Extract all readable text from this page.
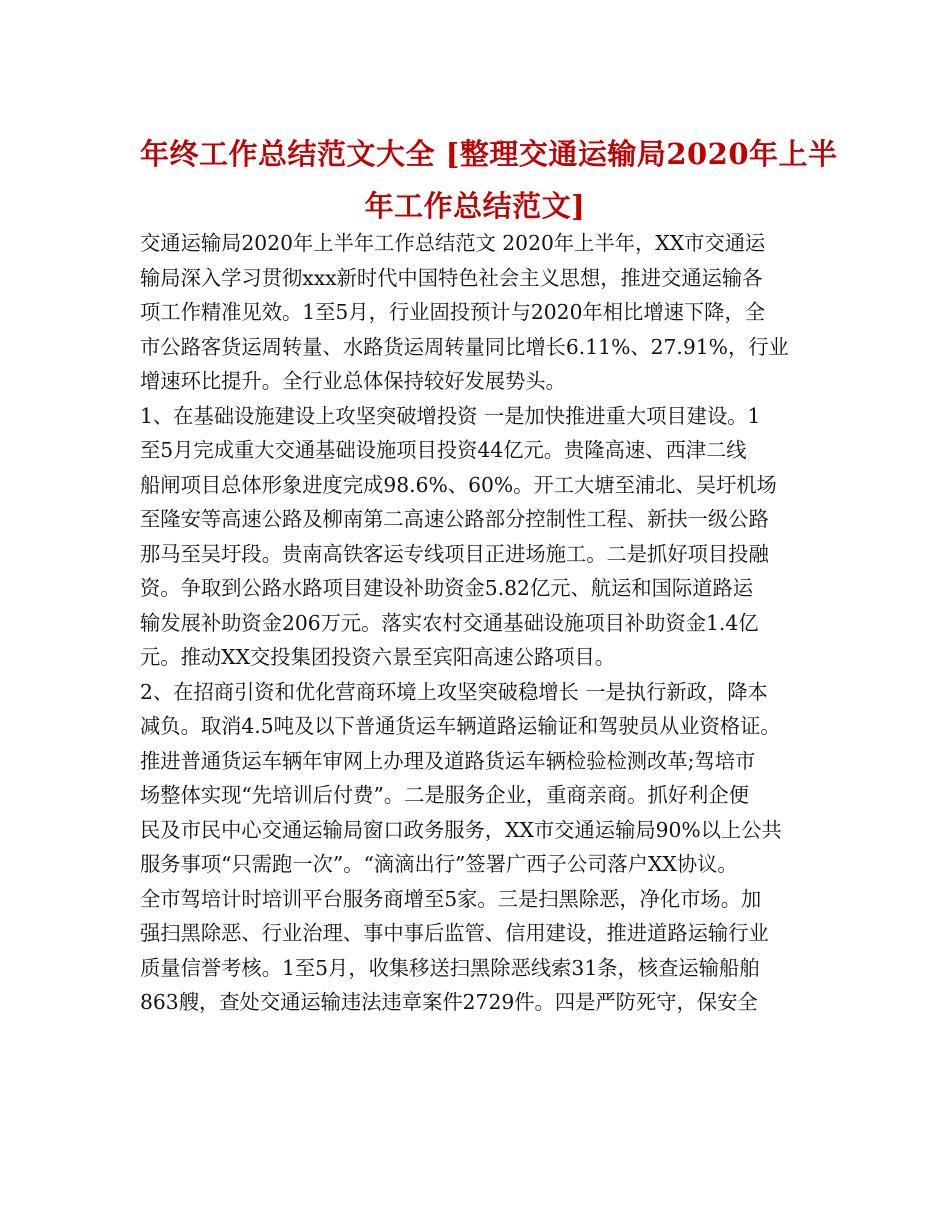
年终工作总结范文大全 [整理交通运输局2020年上半
年工作总结范文]
交通运输局2020年上半年工作总结范文 2020年上半年，XX市交通运
输局深入学习贯彻xxx新时代中国特色社会主义思想，推进交通运输各
项工作精准见效。1至5月，行业固投预计与2020年相比增速下降，全
市公路客货运周转量、水路货运周转量同比增长6.11%、27.91%，行业
增速环比提升。全行业总体保持较好发展势头。
1、在基础设施建设上攻坚突破增投资 一是加快推进重大项目建设。1
至5月完成重大交通基础设施项目投资44亿元。贵隆高速、西津二线
船闸项目总体形象进度完成98.6%、60%。开工大塘至浦北、吴圩机场
至隆安等高速公路及柳南第二高速公路部分控制性工程、新扶一级公路
那马至吴圩段。贵南高铁客运专线项目正进场施工。二是抓好项目投融
资。争取到公路水路项目建设补助资金5.82亿元、航运和国际道路运
输发展补助资金206万元。落实农村交通基础设施项目补助资金1.4亿
元。推动XX交投集团投资六景至宾阳高速公路项目。
2、在招商引资和优化营商环境上攻坚突破稳增长 一是执行新政，降本
减负。取消4.5吨及以下普通货运车辆道路运输证和驾驶员从业资格证。
推进普通货运车辆年审网上办理及道路货运车辆检验检测改革;驾培市
场整体实现“先培训后付费”。二是服务企业，重商亲商。抓好利企便
民及市民中心交通运输局窗口政务服务，XX市交通运输局90%以上公共
服务事项“只需跑一次”。“滴滴出行”签署广西子公司落户XX协议。
全市驾培计时培训平台服务商增至5家。三是扫黑除恶，净化市场。加
强扫黑除恶、行业治理、事中事后监管、信用建设，推进道路运输行业
质量信誉考核。1至5月，收集移送扫黑除恶线索31条，核查运输船舶
863艘，查处交通运输违法违章案件2729件。四是严防死守，保安全
